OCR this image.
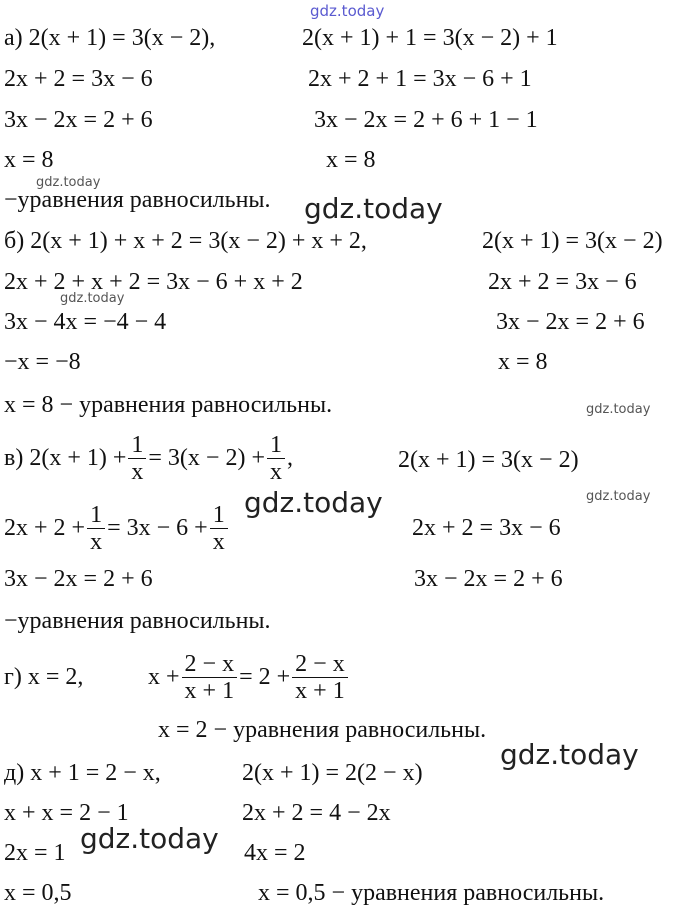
gdz.today
а) 2(x + 1) = 3(x − 2),	2(x + 1) + 1 = 3(x − 2) + 1
2x + 2 = 3x − 6	2x + 2 + 1 = 3x − 6 + 1
3x − 2x = 2 + 6	3x − 2x = 2 + 6 + 1 − 1
x = 8	x = 8
gdz.today
−уравнения равносильны. gdz.today
б) 2(x + 1) + x + 2 = 3(x − 2) + x + 2,	2(x + 1) = 3(x − 2)
2x + 2 + x + 2 = 3x − 6 + x + 2	2x + 2 = 3x − 6
gdz.today
3x − 4x = −4 − 4	3x − 2x = 2 + 6
−x = −8	x = 8
x = 8 − уравнения равносильны.	gdz.today
в) $2(x + 1) + \frac{1}{x} = 3(x - 2) + \frac{1}{x}$ ,	2(x + 1) = 3(x − 2)
gdz.today
gdz.today
$2x + 2 + \frac{1}{x} = 3x - 6 + \frac{1}{x}$	2x + 2 = 3x − 6
3x − 2x = 2 + 6	3x − 2x = 2 + 6
−уравнения равносильны.
г) x = 2,	$x + \frac{2 - x}{x + 1} = 2 + \frac{2 - x}{x + 1}$
x = 2 − уравнения равносильны.
gdz.today
д) x + 1 = 2 − x,	2(x + 1) = 2(2 − x)
x + x = 2 − 1	2x + 2 = 4 − 2x
2x = 1	4x = 2
gdz.today
x = 0,5	x = 0,5 − уравнения равносильны.
